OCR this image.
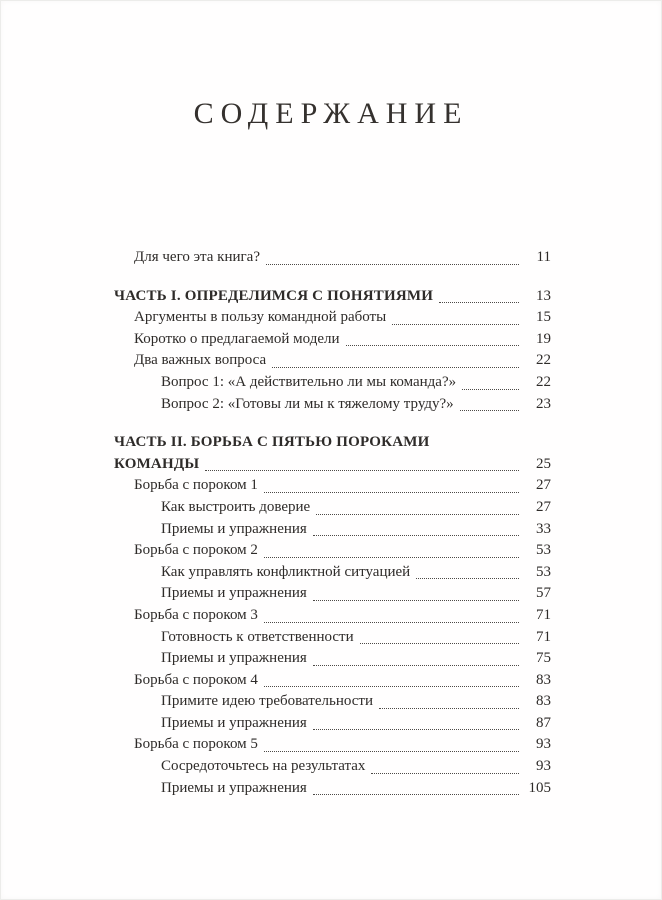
СОДЕРЖАНИЕ
Для чего эта книга?	11
ЧАСТЬ I. ОПРЕДЕЛИМСЯ С ПОНЯТИЯМИ	13
Аргументы в пользу командной работы	15
Коротко о предлагаемой модели	19
Два важных вопроса	22
Вопрос 1: «А действительно ли мы команда?»	22
Вопрос 2: «Готовы ли мы к тяжелому труду?»	23
ЧАСТЬ II. БОРЬБА С ПЯТЬЮ ПОРОКАМИ
КОМАНДЫ	25
Борьба с пороком 1	27
Как выстроить доверие	27
Приемы и упражнения	33
Борьба с пороком 2	53
Как управлять конфликтной ситуацией	53
Приемы и упражнения	57
Борьба с пороком 3	71
Готовность к ответственности	71
Приемы и упражнения	75
Борьба с пороком 4	83
Примите идею требовательности	83
Приемы и упражнения	87
Борьба с пороком 5	93
Сосредоточьтесь на результатах	93
Приемы и упражнения	105
